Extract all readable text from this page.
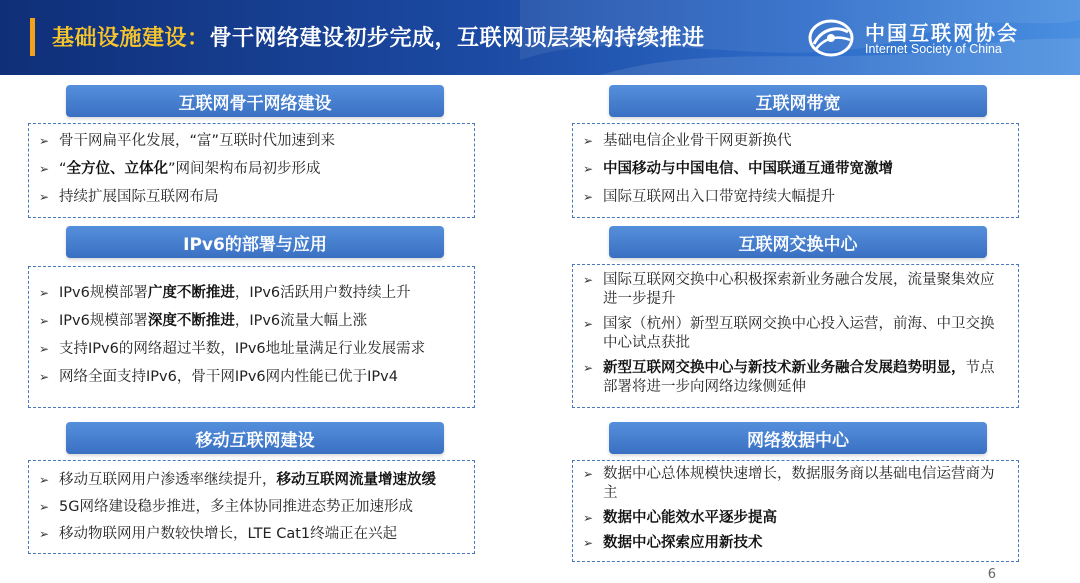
基础设施建设：骨干网络建设初步完成，互联网顶层架构持续推进	中国互联网协会
Internet Society of China
互联网骨干网络建设
➢ 骨干网扁平化发展，“富”互联时代加速到来
➢ “全方位、立体化”网间架构布局初步形成
➢ 持续扩展国际互联网布局
IPv6的部署与应用
➢ IPv6规模部署广度不断推进，IPv6活跃用户数持续上升
➢ IPv6规模部署深度不断推进，IPv6流量大幅上涨
➢ 支持IPv6的网络超过半数，IPv6地址量满足行业发展需求
➢ 网络全面支持IPv6，骨干网IPv6网内性能已优于IPv4
移动互联网建设
➢ 移动互联网用户渗透率继续提升，移动互联网流量增速放缓
➢ 5G网络建设稳步推进，多主体协同推进态势正加速形成
➢ 移动物联网用户数较快增长，LTE Cat1终端正在兴起
互联网带宽
➢ 基础电信企业骨干网更新换代
➢ 中国移动与中国电信、中国联通互通带宽激增
➢ 国际互联网出入口带宽持续大幅提升
互联网交换中心
➢ 国际互联网交换中心积极探索新业务融合发展，流量聚集效应进一步提升
➢ 国家（杭州）新型互联网交换中心投入运营，前海、中卫交换中心试点获批
➢ 新型互联网交换中心与新技术新业务融合发展趋势明显，节点部署将进一步向网络边缘侧延伸
网络数据中心
➢ 数据中心总体规模快速增长，数据服务商以基础电信运营商为主
➢ 数据中心能效水平逐步提高
➢ 数据中心探索应用新技术
6
